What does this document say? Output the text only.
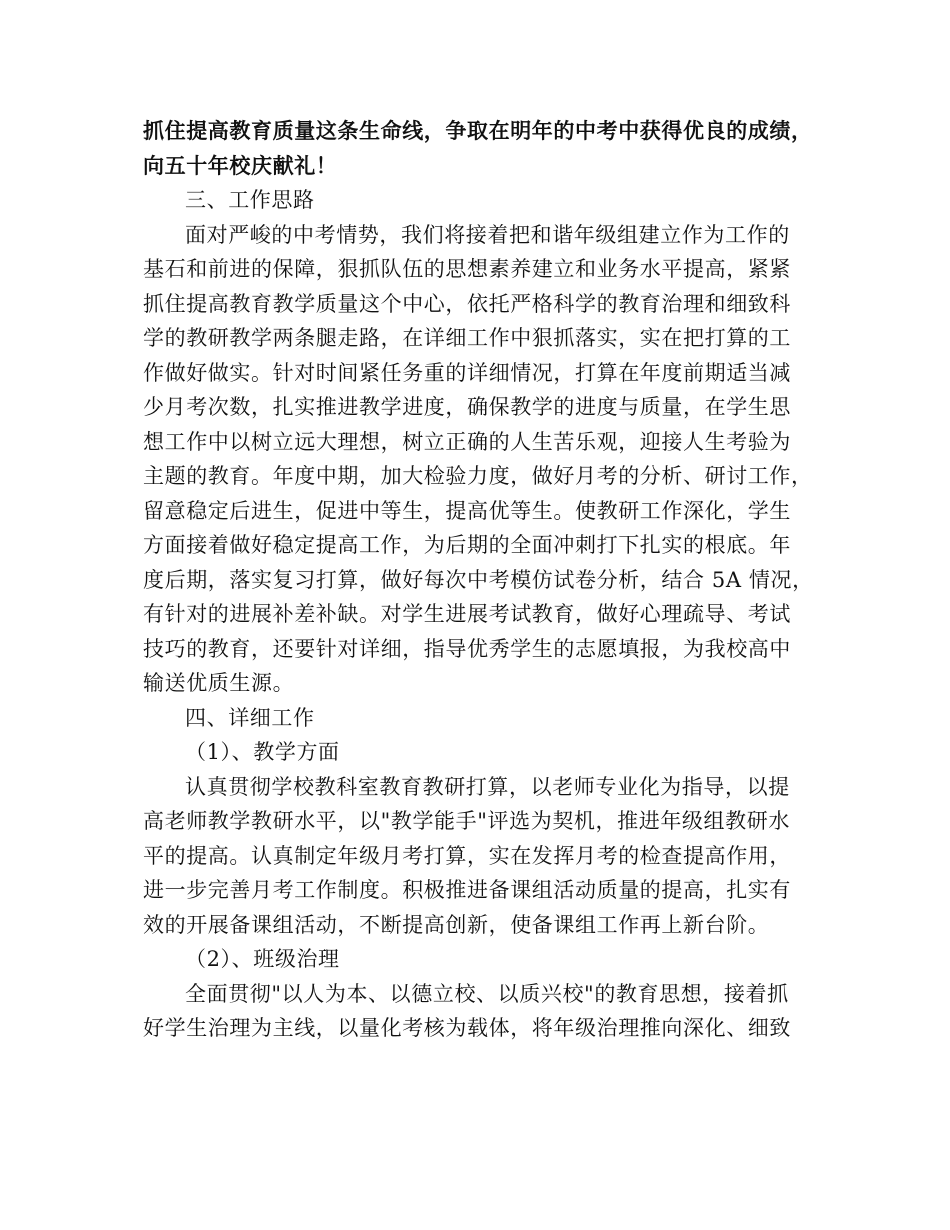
抓住提高教育质量这条生命线，争取在明年的中考中获得优良的成绩，
向五十年校庆献礼！
三、工作思路
面对严峻的中考情势，我们将接着把和谐年级组建立作为工作的
基石和前进的保障，狠抓队伍的思想素养建立和业务水平提高，紧紧
抓住提高教育教学质量这个中心，依托严格科学的教育治理和细致科
学的教研教学两条腿走路，在详细工作中狠抓落实，实在把打算的工
作做好做实。针对时间紧任务重的详细情况，打算在年度前期适当减
少月考次数，扎实推进教学进度，确保教学的进度与质量，在学生思
想工作中以树立远大理想，树立正确的人生苦乐观，迎接人生考验为
主题的教育。年度中期，加大检验力度，做好月考的分析、研讨工作，
留意稳定后进生，促进中等生，提高优等生。使教研工作深化，学生
方面接着做好稳定提高工作，为后期的全面冲刺打下扎实的根底。年
度后期，落实复习打算，做好每次中考模仿试卷分析，结合 5A 情况，
有针对的进展补差补缺。对学生进展考试教育，做好心理疏导、考试
技巧的教育，还要针对详细，指导优秀学生的志愿填报，为我校高中
输送优质生源。
四、详细工作
（1）、教学方面
认真贯彻学校教科室教育教研打算，以老师专业化为指导，以提
高老师教学教研水平，以"教学能手"评选为契机，推进年级组教研水
平的提高。认真制定年级月考打算，实在发挥月考的检查提高作用，
进一步完善月考工作制度。积极推进备课组活动质量的提高，扎实有
效的开展备课组活动，不断提高创新，使备课组工作再上新台阶。
（2）、班级治理
全面贯彻"以人为本、以德立校、以质兴校"的教育思想，接着抓
好学生治理为主线，以量化考核为载体，将年级治理推向深化、细致
